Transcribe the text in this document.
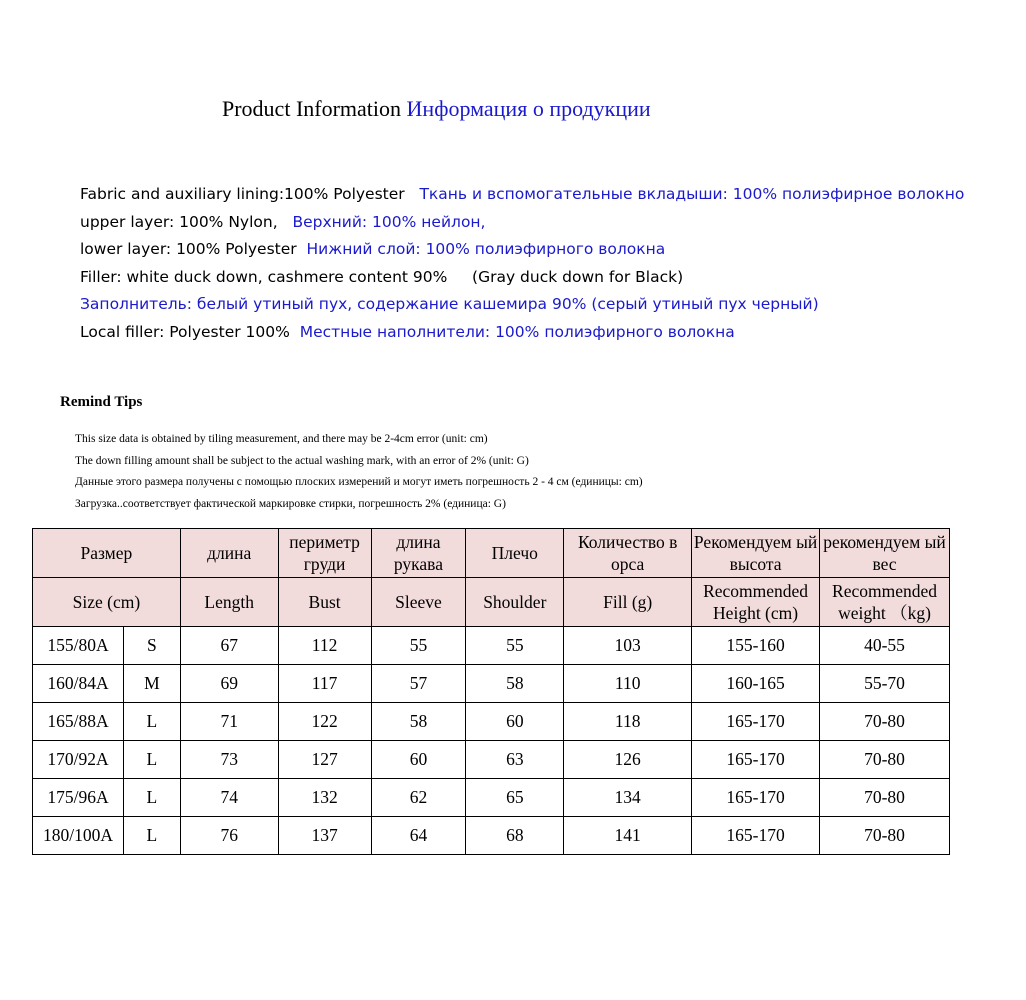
Product Information Информация о продукции
Fabric and auxiliary lining:100% Polyester Ткань и вспомогательные вкладыши: 100% полиэфирное волокно
upper layer: 100% Nylon, Верхний: 100% нейлон,
lower layer: 100% Polyester Нижний слой: 100% полиэфирного волокна
Filler: white duck down, cashmere content 90% (Gray duck down for Black)
Заполнитель: белый утиный пух, содержание кашемира 90% (серый утиный пух черный)
Local filler: Polyester 100% Местные наполнители: 100% полиэфирного волокна
Remind Tips
This size data is obtained by tiling measurement, and there may be 2-4cm error (unit: cm)
The down filling amount shall be subject to the actual washing mark, with an error of 2% (unit: G)
Данные этого размера получены с помощью плоских измерений и могут иметь погрешность 2 - 4 см (единицы: cm)
Загрузка..соответствует фактической маркировке стирки, погрешность 2% (единица: G)
Размер		длина	периметр груди	длина рукава	Плечо	Количество в орса	Рекомендуем ый высота	рекомендуем ый вес
Size (cm)		Length	Bust	Sleeve	Shoulder	Fill (g)	Recommended Height (cm)	Recommended weight （kg)
155/80A	S	67	112	55	55	103	155-160	40-55
160/84A	M	69	117	57	58	110	160-165	55-70
165/88A	L	71	122	58	60	118	165-170	70-80
170/92A	L	73	127	60	63	126	165-170	70-80
175/96A	L	74	132	62	65	134	165-170	70-80
180/100A	L	76	137	64	68	141	165-170	70-80
